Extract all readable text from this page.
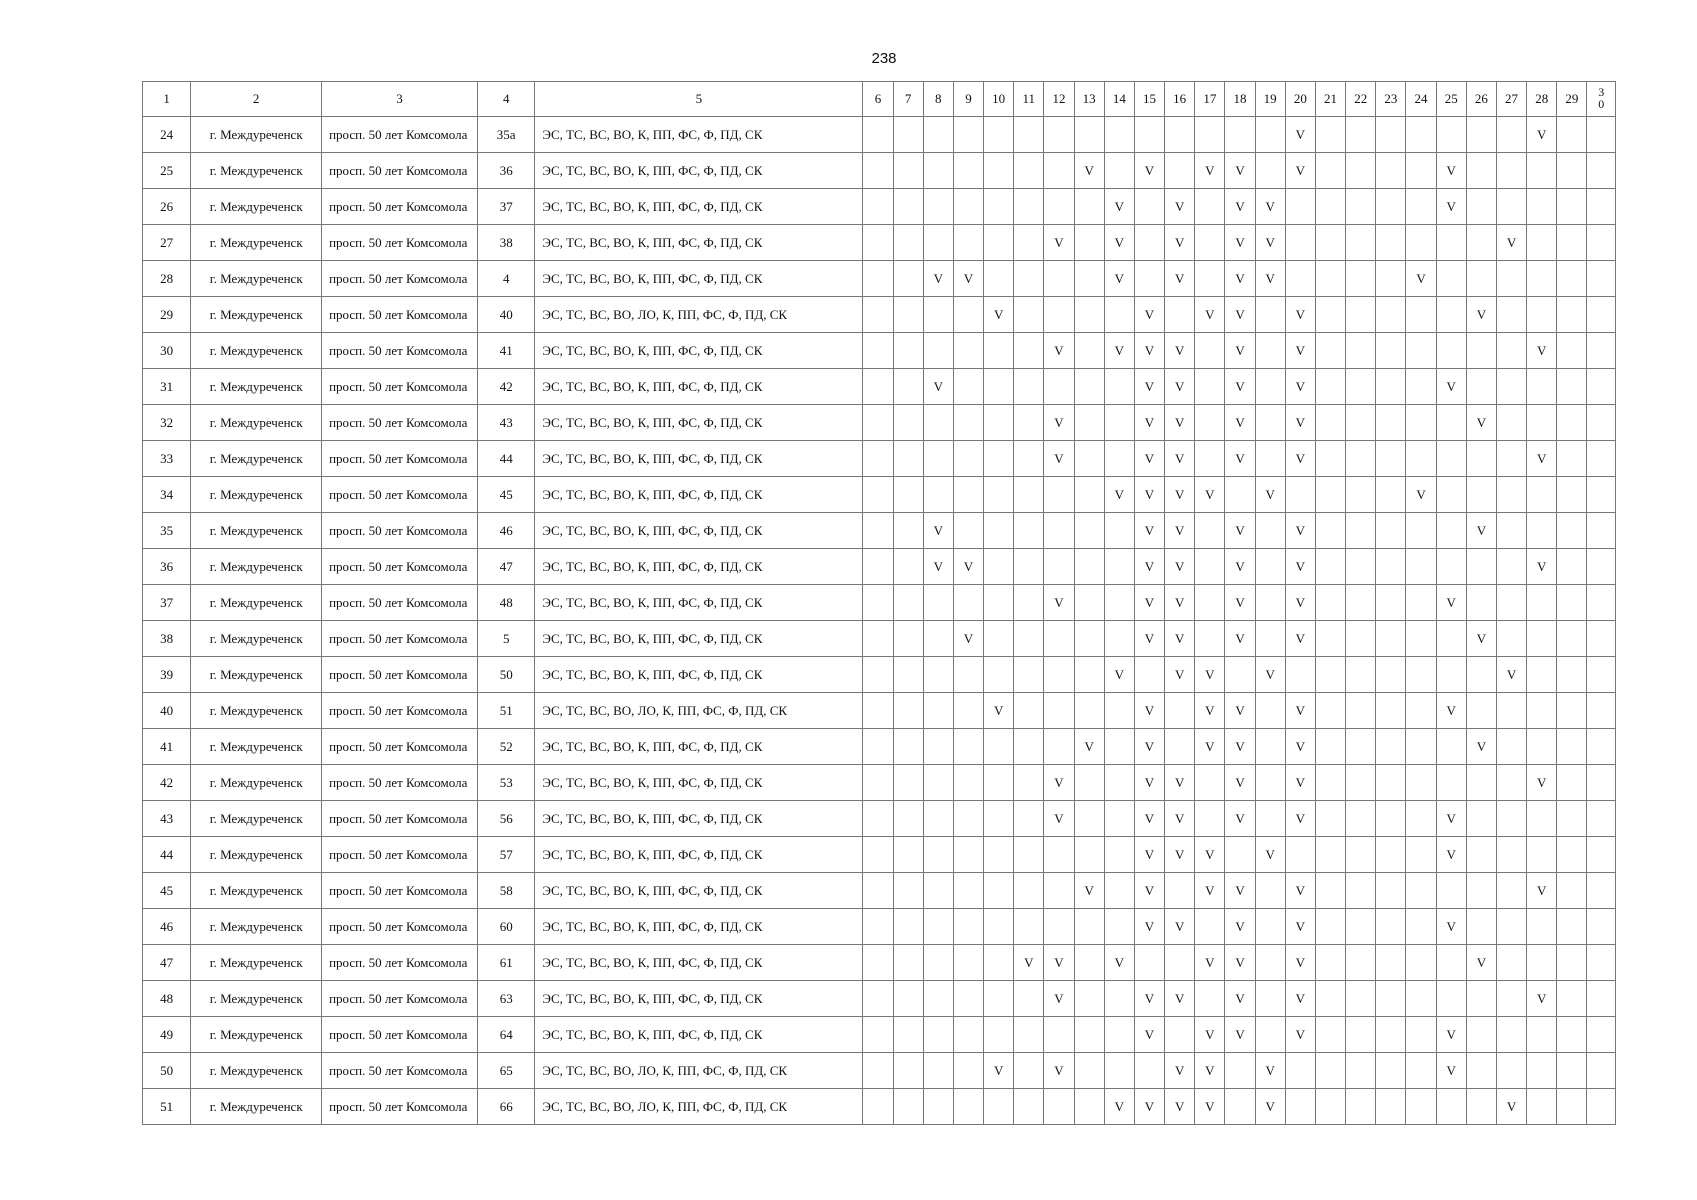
238
1	2	3	4	5	6	7	8	9	10	11	12	13	14	15	16	17	18	19	20	21	22	23	24	25	26	27	28	29	30
24	г. Междуреченск	просп. 50 лет Комсомола	35а	ЭС, ТС, ВС, ВО, К, ПП, ФС, Ф, ПД, СК															V								V		
25	г. Междуреченск	просп. 50 лет Комсомола	36	ЭС, ТС, ВС, ВО, К, ПП, ФС, Ф, ПД, СК								V		V		V	V		V					V					
26	г. Междуреченск	просп. 50 лет Комсомола	37	ЭС, ТС, ВС, ВО, К, ПП, ФС, Ф, ПД, СК									V		V		V	V						V					
27	г. Междуреченск	просп. 50 лет Комсомола	38	ЭС, ТС, ВС, ВО, К, ПП, ФС, Ф, ПД, СК							V		V		V		V	V								V			
28	г. Междуреченск	просп. 50 лет Комсомола	4	ЭС, ТС, ВС, ВО, К, ПП, ФС, Ф, ПД, СК			V	V					V		V		V	V					V						
29	г. Междуреченск	просп. 50 лет Комсомола	40	ЭС, ТС, ВС, ВО, ЛО, К, ПП, ФС, Ф, ПД, СК					V					V		V	V		V						V				
30	г. Междуреченск	просп. 50 лет Комсомола	41	ЭС, ТС, ВС, ВО, К, ПП, ФС, Ф, ПД, СК							V		V	V	V		V		V								V		
31	г. Междуреченск	просп. 50 лет Комсомола	42	ЭС, ТС, ВС, ВО, К, ПП, ФС, Ф, ПД, СК			V							V	V		V		V					V					
32	г. Междуреченск	просп. 50 лет Комсомола	43	ЭС, ТС, ВС, ВО, К, ПП, ФС, Ф, ПД, СК							V			V	V		V		V						V				
33	г. Междуреченск	просп. 50 лет Комсомола	44	ЭС, ТС, ВС, ВО, К, ПП, ФС, Ф, ПД, СК							V			V	V		V		V								V		
34	г. Междуреченск	просп. 50 лет Комсомола	45	ЭС, ТС, ВС, ВО, К, ПП, ФС, Ф, ПД, СК									V	V	V	V		V					V						
35	г. Междуреченск	просп. 50 лет Комсомола	46	ЭС, ТС, ВС, ВО, К, ПП, ФС, Ф, ПД, СК			V							V	V		V		V						V				
36	г. Междуреченск	просп. 50 лет Комсомола	47	ЭС, ТС, ВС, ВО, К, ПП, ФС, Ф, ПД, СК			V	V						V	V		V		V								V		
37	г. Междуреченск	просп. 50 лет Комсомола	48	ЭС, ТС, ВС, ВО, К, ПП, ФС, Ф, ПД, СК							V			V	V		V		V					V					
38	г. Междуреченск	просп. 50 лет Комсомола	5	ЭС, ТС, ВС, ВО, К, ПП, ФС, Ф, ПД, СК				V						V	V		V		V						V				
39	г. Междуреченск	просп. 50 лет Комсомола	50	ЭС, ТС, ВС, ВО, К, ПП, ФС, Ф, ПД, СК									V		V	V		V								V			
40	г. Междуреченск	просп. 50 лет Комсомола	51	ЭС, ТС, ВС, ВО, ЛО, К, ПП, ФС, Ф, ПД, СК					V					V		V	V		V					V					
41	г. Междуреченск	просп. 50 лет Комсомола	52	ЭС, ТС, ВС, ВО, К, ПП, ФС, Ф, ПД, СК								V		V		V	V		V						V				
42	г. Междуреченск	просп. 50 лет Комсомола	53	ЭС, ТС, ВС, ВО, К, ПП, ФС, Ф, ПД, СК							V			V	V		V		V								V		
43	г. Междуреченск	просп. 50 лет Комсомола	56	ЭС, ТС, ВС, ВО, К, ПП, ФС, Ф, ПД, СК							V			V	V		V		V					V					
44	г. Междуреченск	просп. 50 лет Комсомола	57	ЭС, ТС, ВС, ВО, К, ПП, ФС, Ф, ПД, СК										V	V	V		V						V					
45	г. Междуреченск	просп. 50 лет Комсомола	58	ЭС, ТС, ВС, ВО, К, ПП, ФС, Ф, ПД, СК								V		V		V	V		V								V		
46	г. Междуреченск	просп. 50 лет Комсомола	60	ЭС, ТС, ВС, ВО, К, ПП, ФС, Ф, ПД, СК										V	V		V		V					V					
47	г. Междуреченск	просп. 50 лет Комсомола	61	ЭС, ТС, ВС, ВО, К, ПП, ФС, Ф, ПД, СК						V	V		V			V	V		V						V				
48	г. Междуреченск	просп. 50 лет Комсомола	63	ЭС, ТС, ВС, ВО, К, ПП, ФС, Ф, ПД, СК							V			V	V		V		V								V		
49	г. Междуреченск	просп. 50 лет Комсомола	64	ЭС, ТС, ВС, ВО, К, ПП, ФС, Ф, ПД, СК										V		V	V		V					V					
50	г. Междуреченск	просп. 50 лет Комсомола	65	ЭС, ТС, ВС, ВО, ЛО, К, ПП, ФС, Ф, ПД, СК					V		V				V	V		V						V					
51	г. Междуреченск	просп. 50 лет Комсомола	66	ЭС, ТС, ВС, ВО, ЛО, К, ПП, ФС, Ф, ПД, СК									V	V	V	V		V								V			
